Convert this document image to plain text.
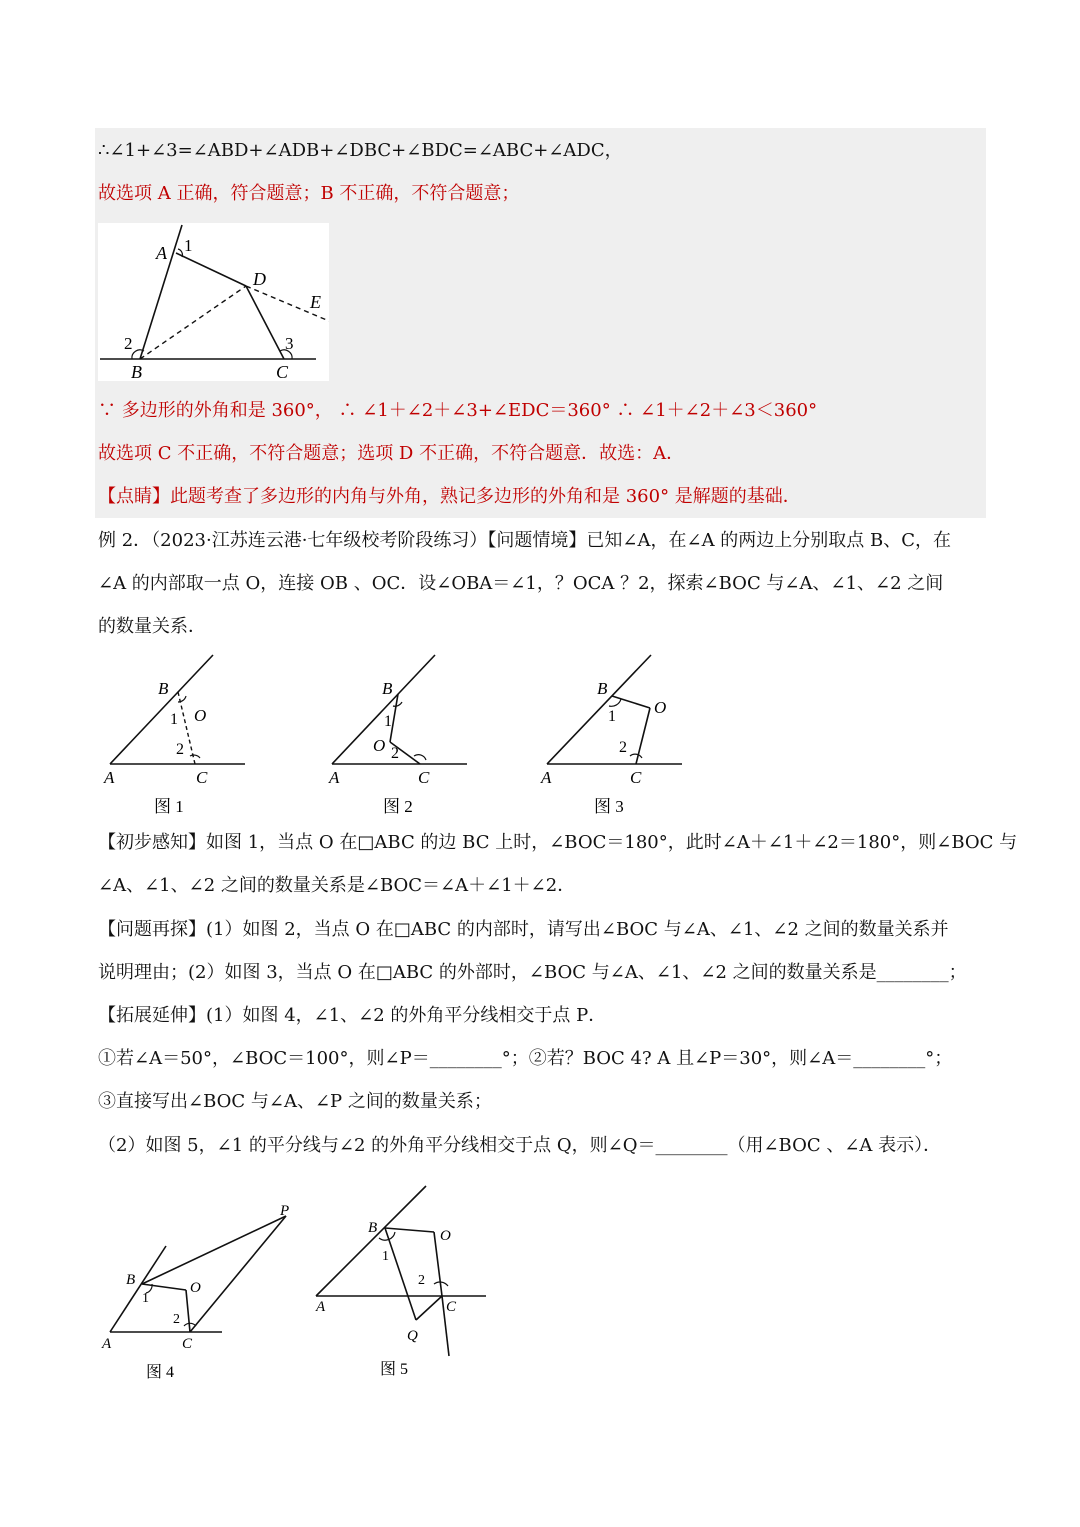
∴∠1+∠3=∠ABD+∠ADB+∠DBC+∠BDC=∠ABC+∠ADC，
故选项 A 正确，符合题意；B 不正确，不符合题意；
A 1
D
E
2	3
B	C
∵ 多边形的外角和是 360°， ∴ ∠1＋∠2＋∠3+∠EDC＝360° ∴ ∠1＋∠2＋∠3＜360°
故选项 C 不正确，不符合题意；选项 D 不正确，不符合题意．故选：A．
【点睛】此题考查了多边形的内角与外角，熟记多边形的外角和是 360° 是解题的基础．
例 2．（2023·江苏连云港·七年级校考阶段练习）【问题情境】已知∠A，在∠A 的两边上分别取点 B、C，在
∠A 的内部取一点 O，连接 OB 、OC．设∠OBA＝∠1，？OCA ？2，探索∠BOC 与∠A、∠1、∠2 之间
的数量关系．
B
1 O
2
A	C
B
1
O 2
A	C
B
1 O
2
A	C
图 1	图 2	图 3
【初步感知】如图 1，当点 O 在□ABC 的边 BC 上时，∠BOC＝180°，此时∠A＋∠1＋∠2＝180°，则∠BOC 与
∠A、∠1、∠2 之间的数量关系是∠BOC＝∠A＋∠1＋∠2．
【问题再探】(1）如图 2，当点 O 在□ABC 的内部时，请写出∠BOC 与∠A、∠1、∠2 之间的数量关系并
说明理由；(2）如图 3，当点 O 在□ABC 的外部时，∠BOC 与∠A、∠1、∠2 之间的数量关系是________；
【拓展延伸】(1）如图 4，∠1、∠2 的外角平分线相交于点 P．
①若∠A＝50°，∠BOC＝100°，则∠P＝________°；②若？BOC 4? A 且∠P＝30°，则∠A＝________°；
③直接写出∠BOC 与∠A、∠P 之间的数量关系；
（2）如图 5，∠1 的平分线与∠2 的外角平分线相交于点 Q，则∠Q＝________（用∠BOC 、∠A 表示）．
B
1
O
2
P
A	C
B
1
O
2
A	C
Q
图 4	图 5
